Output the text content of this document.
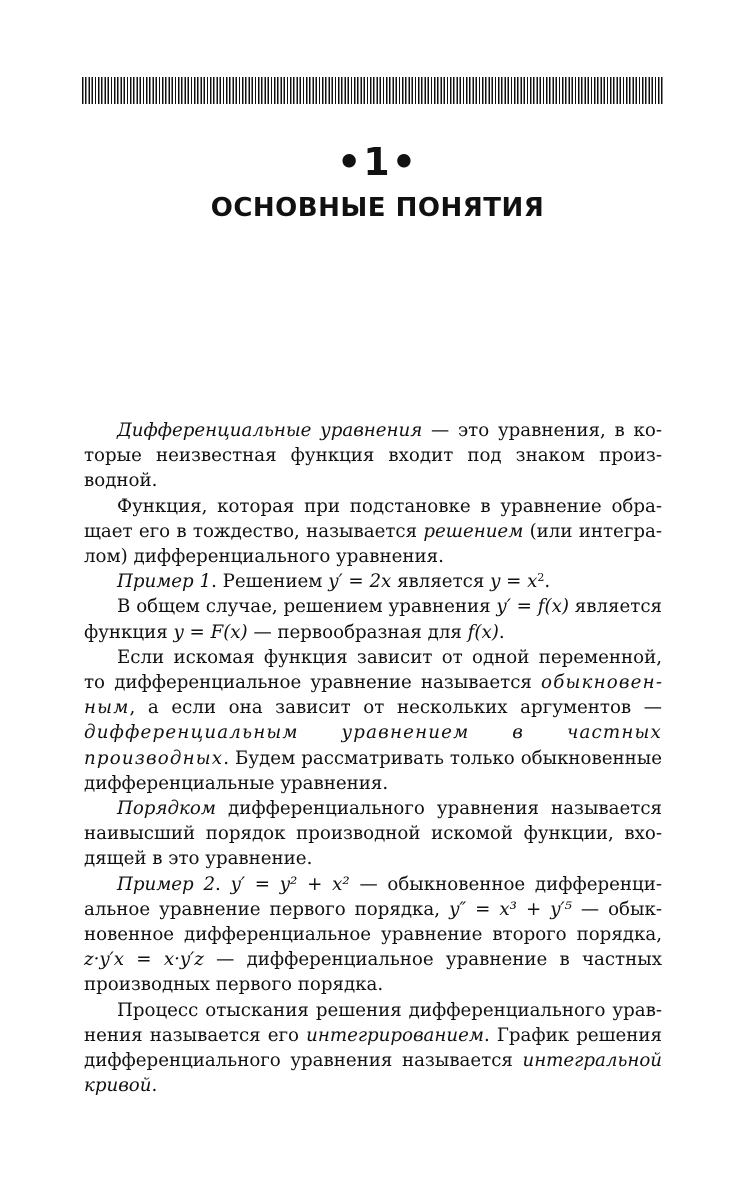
•1•
ОСНОВНЫЕ ПОНЯТИЯ

Дифференциальные уравнения — это уравнения, в которые неизвестная функция входит под знаком производной.

Функция, которая при подстановке в уравнение обращает его в тождество, называется решением (или интегралом) дифференциального уравнения.

Пример 1. Решением y′ = 2x является $y = x^2$.

В общем случае, решением уравнения y′ = f(x) является функция y = F(x) — первообразная для f(x).

Если искомая функция зависит от одной переменной, то дифференциальное уравнение называется обыкновенным, а если она зависит от нескольких аргументов — дифференциальным уравнением в частных производных. Будем рассматривать только обыкновенные дифференциальные уравнения.

Порядком дифференциального уравнения называется наивысший порядок производной искомой функции, входящей в это уравнение.

Пример 2. y′ = y² + x² — обыкновенное дифференциальное уравнение первого порядка, y″ = x³ + y′⁵ — обыкновенное дифференциальное уравнение второго порядка, z·y′x = x·y′z — дифференциальное уравнение в частных производных первого порядка.

Процесс отыскания решения дифференциального уравнения называется его интегрированием. График решения дифференциального уравнения называется интегральной кривой.
